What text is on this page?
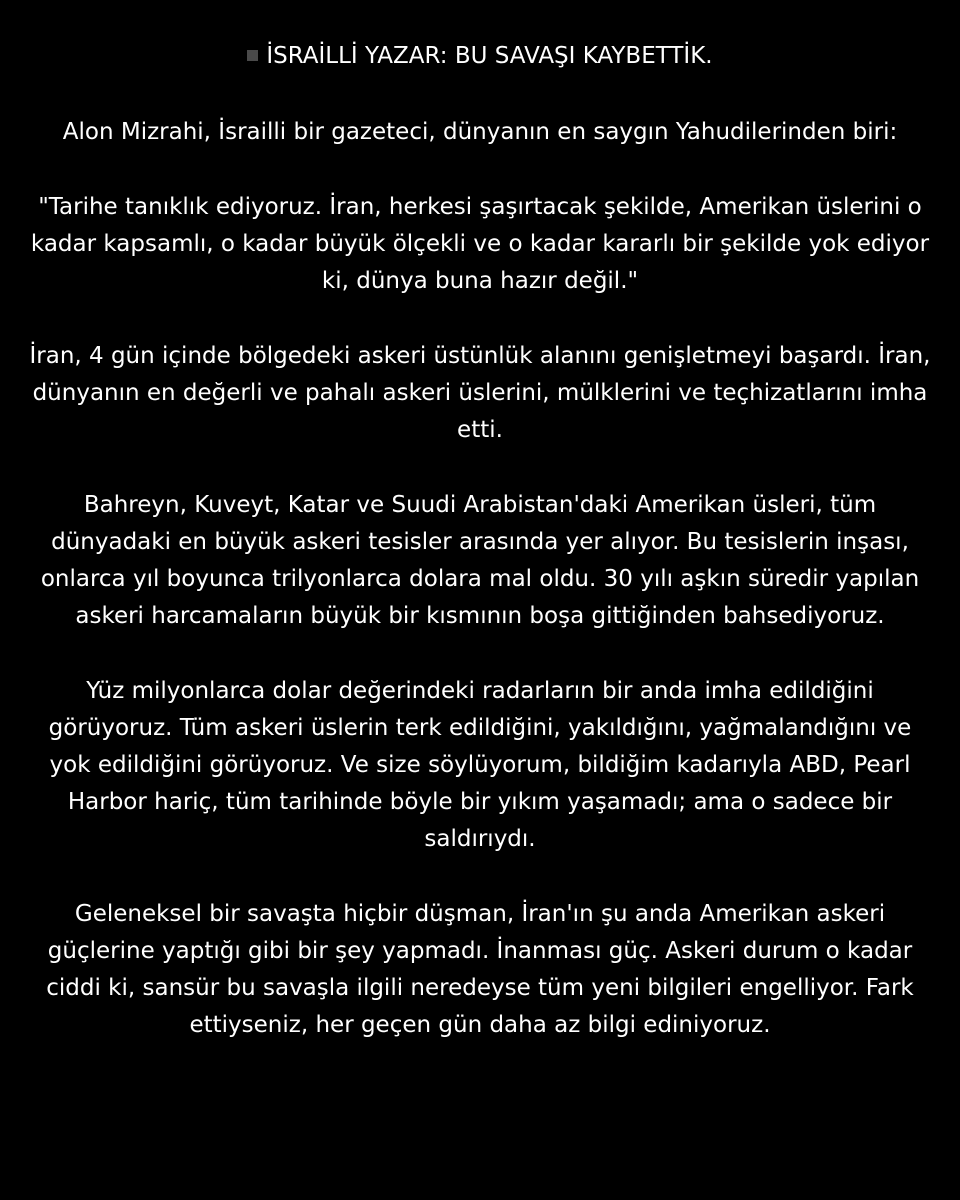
İSRAİLLİ YAZAR: BU SAVAŞI KAYBETTİK.

Alon Mizrahi, İsrailli bir gazeteci, dünyanın en saygın Yahudilerinden biri:

"Tarihe tanıklık ediyoruz. İran, herkesi şaşırtacak şekilde, Amerikan üslerini o kadar kapsamlı, o kadar büyük ölçekli ve o kadar kararlı bir şekilde yok ediyor ki, dünya buna hazır değil."

İran, 4 gün içinde bölgedeki askeri üstünlük alanını genişletmeyi başardı. İran, dünyanın en değerli ve pahalı askeri üslerini, mülklerini ve teçhizatlarını imha etti.

Bahreyn, Kuveyt, Katar ve Suudi Arabistan'daki Amerikan üsleri, tüm dünyadaki en büyük askeri tesisler arasında yer alıyor. Bu tesislerin inşası, onlarca yıl boyunca trilyonlarca dolara mal oldu. 30 yılı aşkın süredir yapılan askeri harcamaların büyük bir kısmının boşa gittiğinden bahsediyoruz.

Yüz milyonlarca dolar değerindeki radarların bir anda imha edildiğini görüyoruz. Tüm askeri üslerin terk edildiğini, yakıldığını, yağmalandığını ve yok edildiğini görüyoruz. Ve size söylüyorum, bildiğim kadarıyla ABD, Pearl Harbor hariç, tüm tarihinde böyle bir yıkım yaşamadı; ama o sadece bir saldırıydı.

Geleneksel bir savaşta hiçbir düşman, İran'ın şu anda Amerikan askeri güçlerine yaptığı gibi bir şey yapmadı. İnanması güç. Askeri durum o kadar ciddi ki, sansür bu savaşla ilgili neredeyse tüm yeni bilgileri engelliyor. Fark ettiyseniz, her geçen gün daha az bilgi ediniyoruz.
